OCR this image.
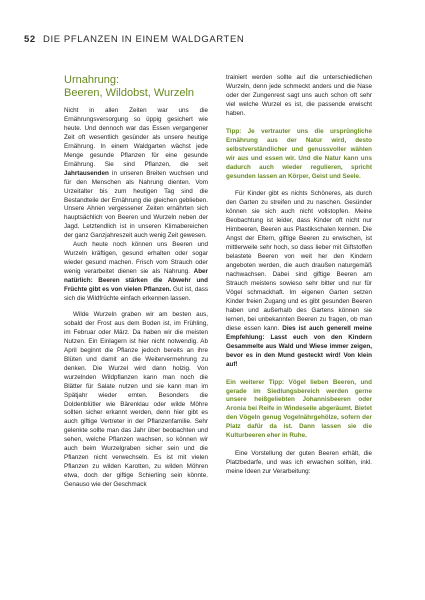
52 DIE PFLANZEN IN EINEM WALDGARTEN
Urnahrung:
Beeren, Wildobst, Wurzeln

Nicht in allen Zeiten war uns die Ernährungsversorgung so üppig gesichert wie heute. Und dennoch war das Essen vergangener Zeit oft wesentlich gesünder als unsere heutige Ernährung. In einem Waldgarten wächst jede Menge gesunde Pflanzen für eine gesunde Ernährung. Sie sind Pflanzen, die seit Jahrtausenden in unseren Breiten wuchsen und für den Menschen als Nahrung dienten. Vom Urzeitalter bis zum heutigen Tag sind die Bestandteile der Ernährung die gleichen geblieben. Unsere Ahnen vergessener Zeiten ernährten sich hauptsächlich von Beeren und Wurzeln neben der Jagd. Letztendlich ist in unseren Klimabereichen der ganz Ganzjahreszeit auch wenig Zeit gewesen.

Auch heute noch können uns Beeren und Wurzeln kräftigen, gesund erhalten oder sogar wieder gesund machen. Frisch vom Strauch oder wenig verarbeitet dienen sie als Nahrung. Aber natürlich: Beeren stärken die Abwehr und Früchte gibt es von vielen Pflanzen. Gut ist, dass sich die Wildfrüchte einfach erkennen lassen.

Wilde Wurzeln graben wir am besten aus, sobald der Frost aus dem Boden ist, im Frühling, im Februar oder März. Da haben wir die meisten Nutzen. Ein Einlagern ist hier nicht notwendig. Ab April beginnt die Pflanze jedoch bereits an ihre Blüten und damit an die Weitervermehrung zu denken. Die Wurzel wird dann holzig. Von wurzelnden Wildpflanzen kann man noch die Blätter für Salate nutzen und sie kann man im Spätjahr wieder ernten. Besonders die Doldenblütler wie Bärenklau oder wilde Möhre sollten sicher erkannt werden, denn hier gibt es auch giftige Vertreter in der Pflanzenfamilie. Sehr gelenkte sollte man das Jahr über beobachten und sehen, welche Pflanzen wachsen, so können wir auch beim Wurzelgraben sicher sein und die Pflanzen nicht verwechseln. Es ist mit vielen Pflanzen zu wilden Karotten, zu wilden Möhren etwa, doch der giftige Schierling sein könnte. Genauso wie der Geschmack

trainiert werden sollte auf die unterschiedlichen Wurzeln, denn jede schmeckt anders und die Nase oder der Zungenrest sagt uns auch schon oft sehr viel welche Wurzel es ist, die passende erwischt haben.

Tipp: Je vertrauter uns die ursprüngliche Ernährung aus der Natur wird, desto selbstverständlicher und genussvoller wählen wir aus und essen wir. Und die Natur kann uns dadurch auch wieder regulieren, spricht gesunden lassen an Körper, Geist und Seele.

Für Kinder gibt es nichts Schöneres, als durch den Garten zu streifen und zu naschen. Gesünder können sie sich auch nicht vollstopfen. Meine Beobachtung ist leider, dass Kinder oft nicht nur Himbeeren, Beeren aus Plastikschalen kennen. Die Angst der Eltern, giftige Beeren zu erwischen, ist mittlerweile sehr hoch, so dass lieber mit Giftstoffen belastete Beeren von weit her den Kindern angeboten werden, die auch draußen naturgemäß nachwachsen. Dabei sind giftige Beeren am Strauch meistens sowieso sehr bitter und nur für Vögel schmackhaft. Im eigenen Garten setzen Kinder freien Zugang und es gibt gesunden Beeren haben und außerhalb des Gartens können sie lernen, bei unbekannten Beeren zu fragen, ob man diese essen kann. Dies ist auch generell meine Empfehlung: Lasst euch von den Kindern Gesammelte aus Wald und Wiese immer zeigen, bevor es in den Mund gesteckt wird! Von klein auf!

Ein weiterer Tipp: Vögel lieben Beeren, und gerade im Siedlungsbereich werden gerne unsere heißgeliebten Johannisbeeren oder Aronia bei Reife in Windeseile abgeräumt. Bietet den Vögeln genug Vogelnährgehölze, sofern der Platz dafür da ist. Dann lassen sie die Kulturbeeren eher in Ruhe.

Eine Vorstellung der guten Beeren erhält, die Platzbedarfe, und was ich erwachen sollten, inkl. meine Ideen zur Verarbeitung:
